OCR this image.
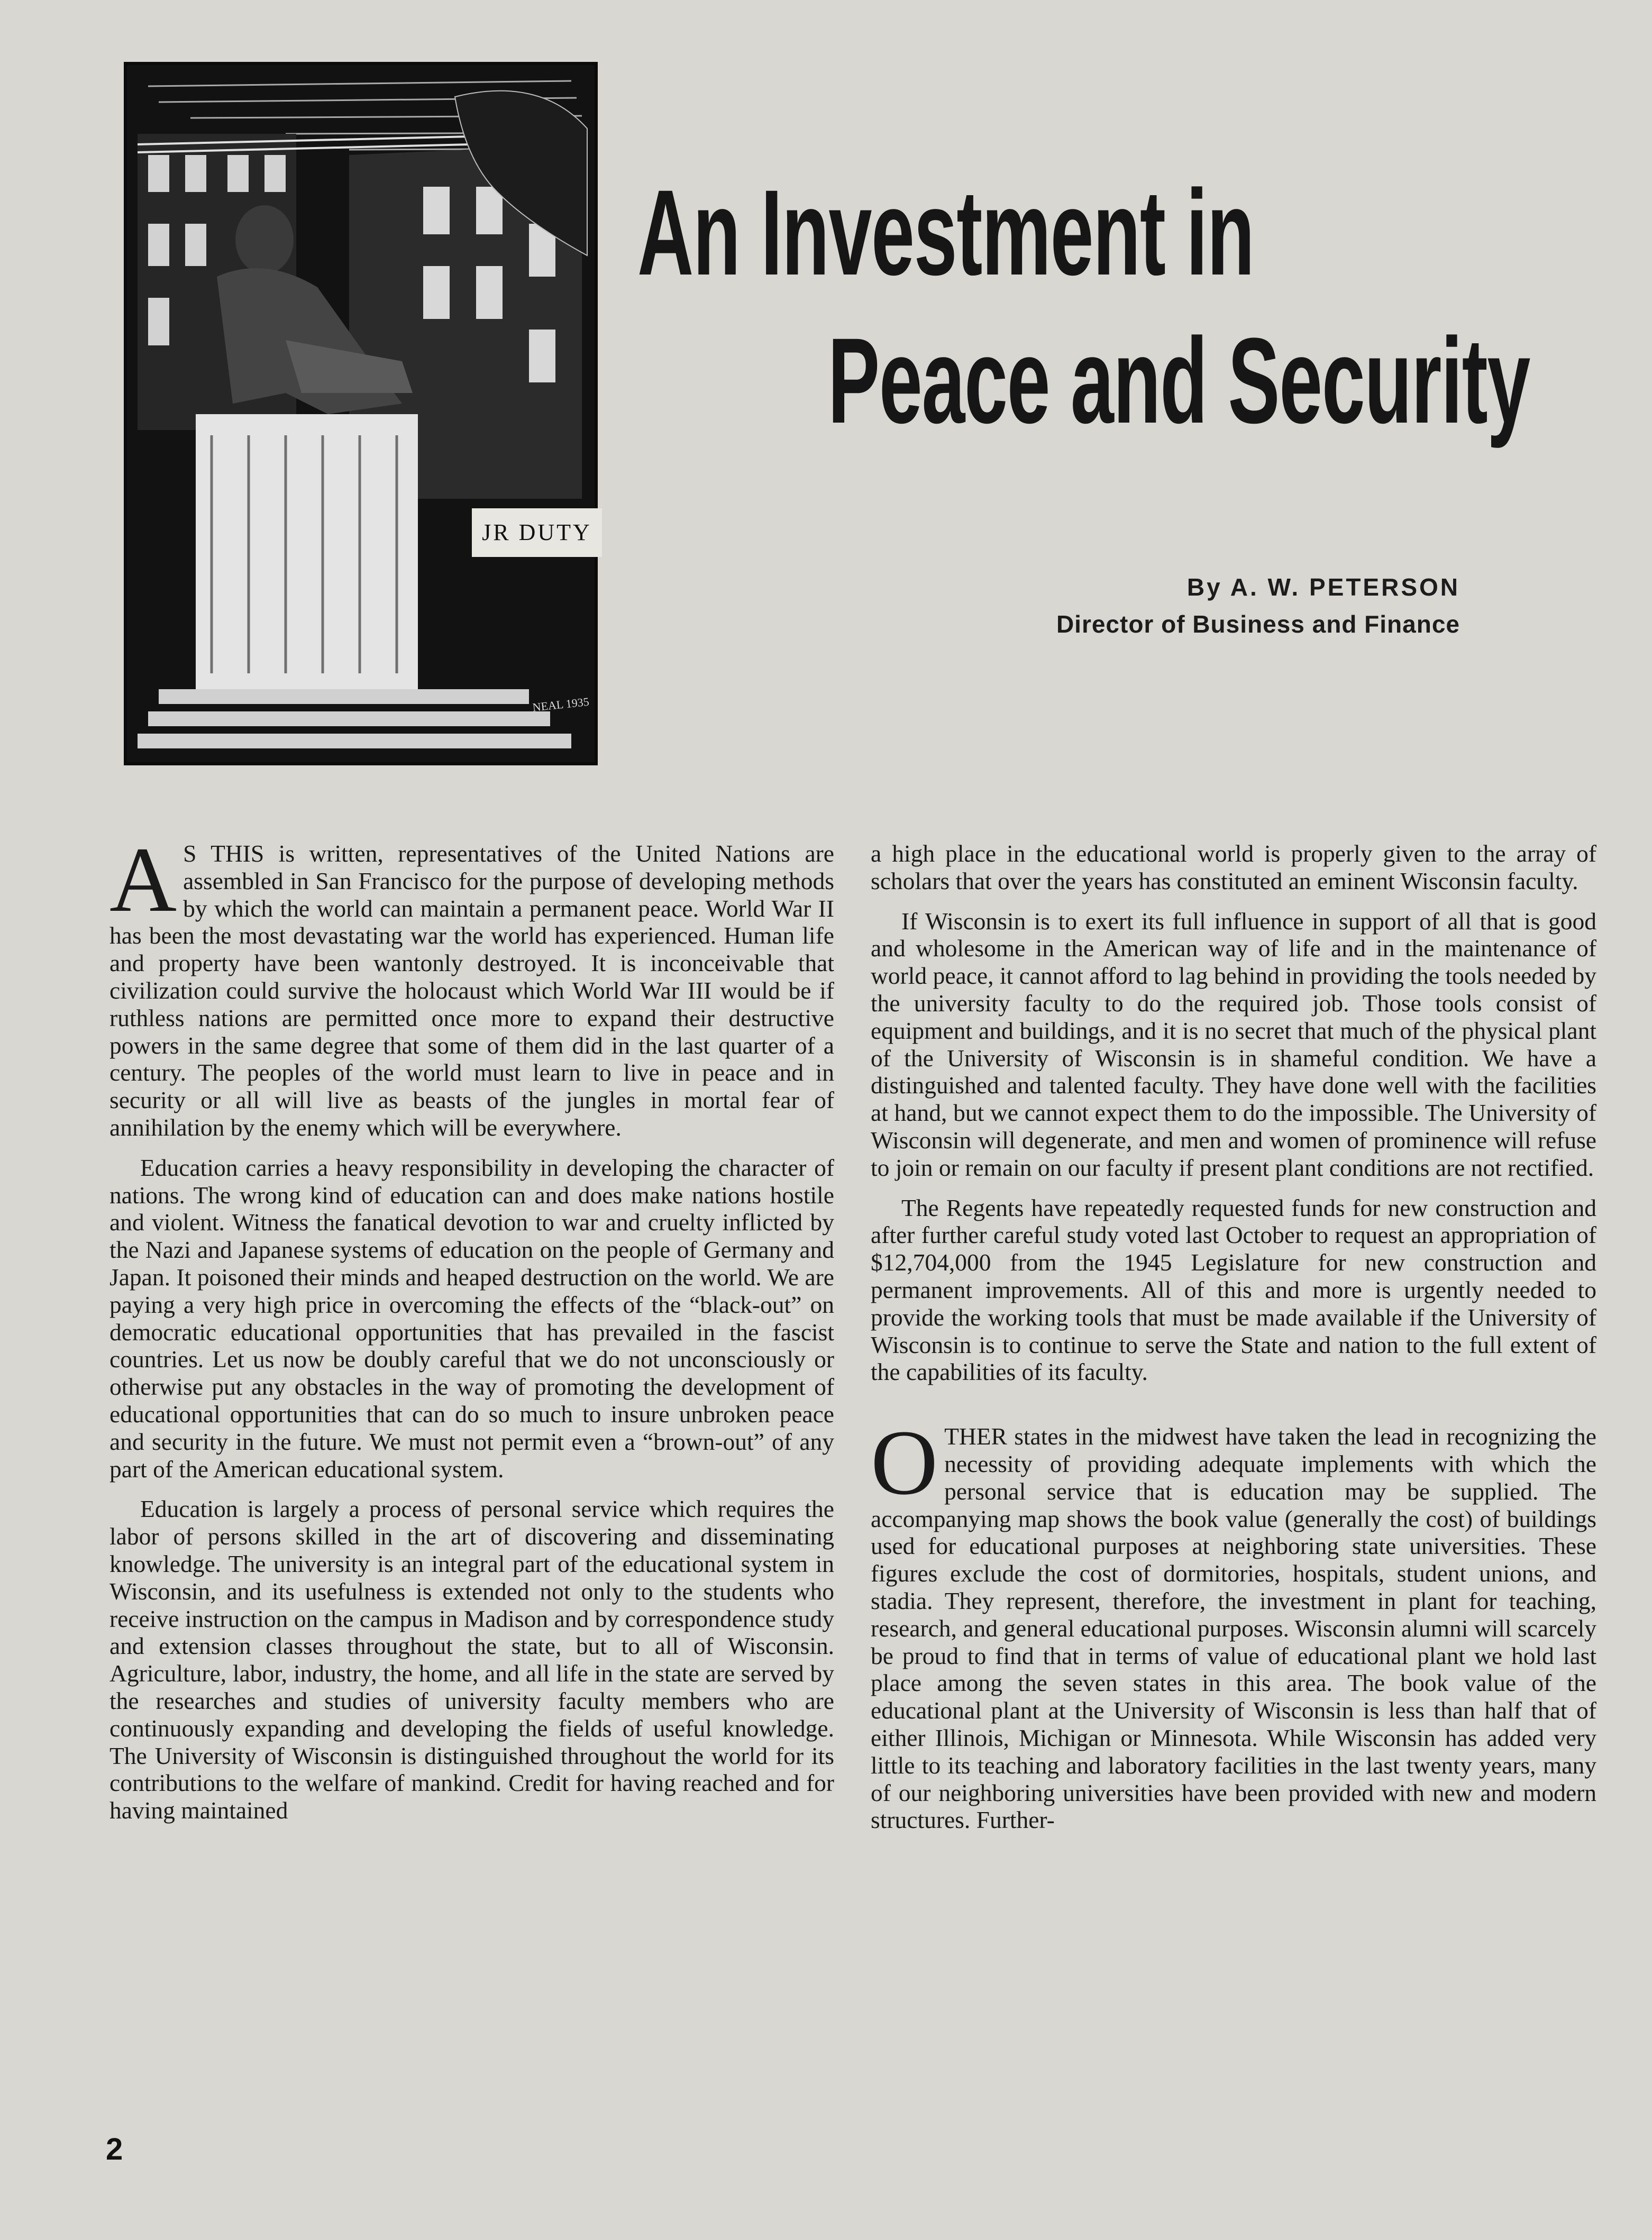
JR DUTY
NEAL 1935
An Investment in
Peace and Security
By A. W. PETERSON
Director of Business and Finance

A S THIS is written, representatives of the United Nations are assembled in San Francisco for the purpose of developing methods by which the world can maintain a permanent peace. World War II has been the most devastating war the world has experienced. Human life and property have been wantonly destroyed. It is inconceivable that civilization could survive the holocaust which World War III would be if ruthless nations are permitted once more to expand their destructive powers in the same degree that some of them did in the last quarter of a century. The peoples of the world must learn to live in peace and in security or all will live as beasts of the jungles in mortal fear of annihilation by the enemy which will be everywhere.

Education carries a heavy responsibility in developing the character of nations. The wrong kind of education can and does make nations hostile and violent. Witness the fanatical devotion to war and cruelty inflicted by the Nazi and Japanese systems of education on the people of Germany and Japan. It poisoned their minds and heaped destruction on the world. We are paying a very high price in overcoming the effects of the “black-out” on democratic educational opportunities that has prevailed in the fascist countries. Let us now be doubly careful that we do not unconsciously or otherwise put any obstacles in the way of promoting the development of educational opportunities that can do so much to insure unbroken peace and security in the future. We must not permit even a “brown-out” of any part of the American educational system.

Education is largely a process of personal service which requires the labor of persons skilled in the art of discovering and disseminating knowledge. The university is an integral part of the educational system in Wisconsin, and its usefulness is extended not only to the students who receive instruction on the campus in Madison and by correspondence study and extension classes throughout the state, but to all of Wisconsin. Agriculture, labor, industry, the home, and all life in the state are served by the researches and studies of university faculty members who are continuously expanding and developing the fields of useful knowledge. The University of Wisconsin is distinguished throughout the world for its contributions to the welfare of mankind. Credit for having reached and for having maintained

a high place in the educational world is properly given to the array of scholars that over the years has constituted an eminent Wisconsin faculty.

If Wisconsin is to exert its full influence in support of all that is good and wholesome in the American way of life and in the maintenance of world peace, it cannot afford to lag behind in providing the tools needed by the university faculty to do the required job. Those tools consist of equipment and buildings, and it is no secret that much of the physical plant of the University of Wisconsin is in shameful condition. We have a distinguished and talented faculty. They have done well with the facilities at hand, but we cannot expect them to do the impossible. The University of Wisconsin will degenerate, and men and women of prominence will refuse to join or remain on our faculty if present plant conditions are not rectified.

The Regents have repeatedly requested funds for new construction and after further careful study voted last October to request an appropriation of $12,704,000 from the 1945 Legislature for new construction and permanent improvements. All of this and more is urgently needed to provide the working tools that must be made available if the University of Wisconsin is to continue to serve the State and nation to the full extent of the capabilities of its faculty.

OTHER states in the midwest have taken the lead in recognizing the necessity of providing adequate implements with which the personal service that is education may be supplied. The accompanying map shows the book value (generally the cost) of buildings used for educational purposes at neighboring state universities. These figures exclude the cost of dormitories, hospitals, student unions, and stadia. They represent, therefore, the investment in plant for teaching, research, and general educational purposes. Wisconsin alumni will scarcely be proud to find that in terms of value of educational plant we hold last place among the seven states in this area. The book value of the educational plant at the University of Wisconsin is less than half that of either Illinois, Michigan or Minnesota. While Wisconsin has added very little to its teaching and laboratory facilities in the last twenty years, many of our neighboring universities have been provided with new and modern structures. Further-

2
